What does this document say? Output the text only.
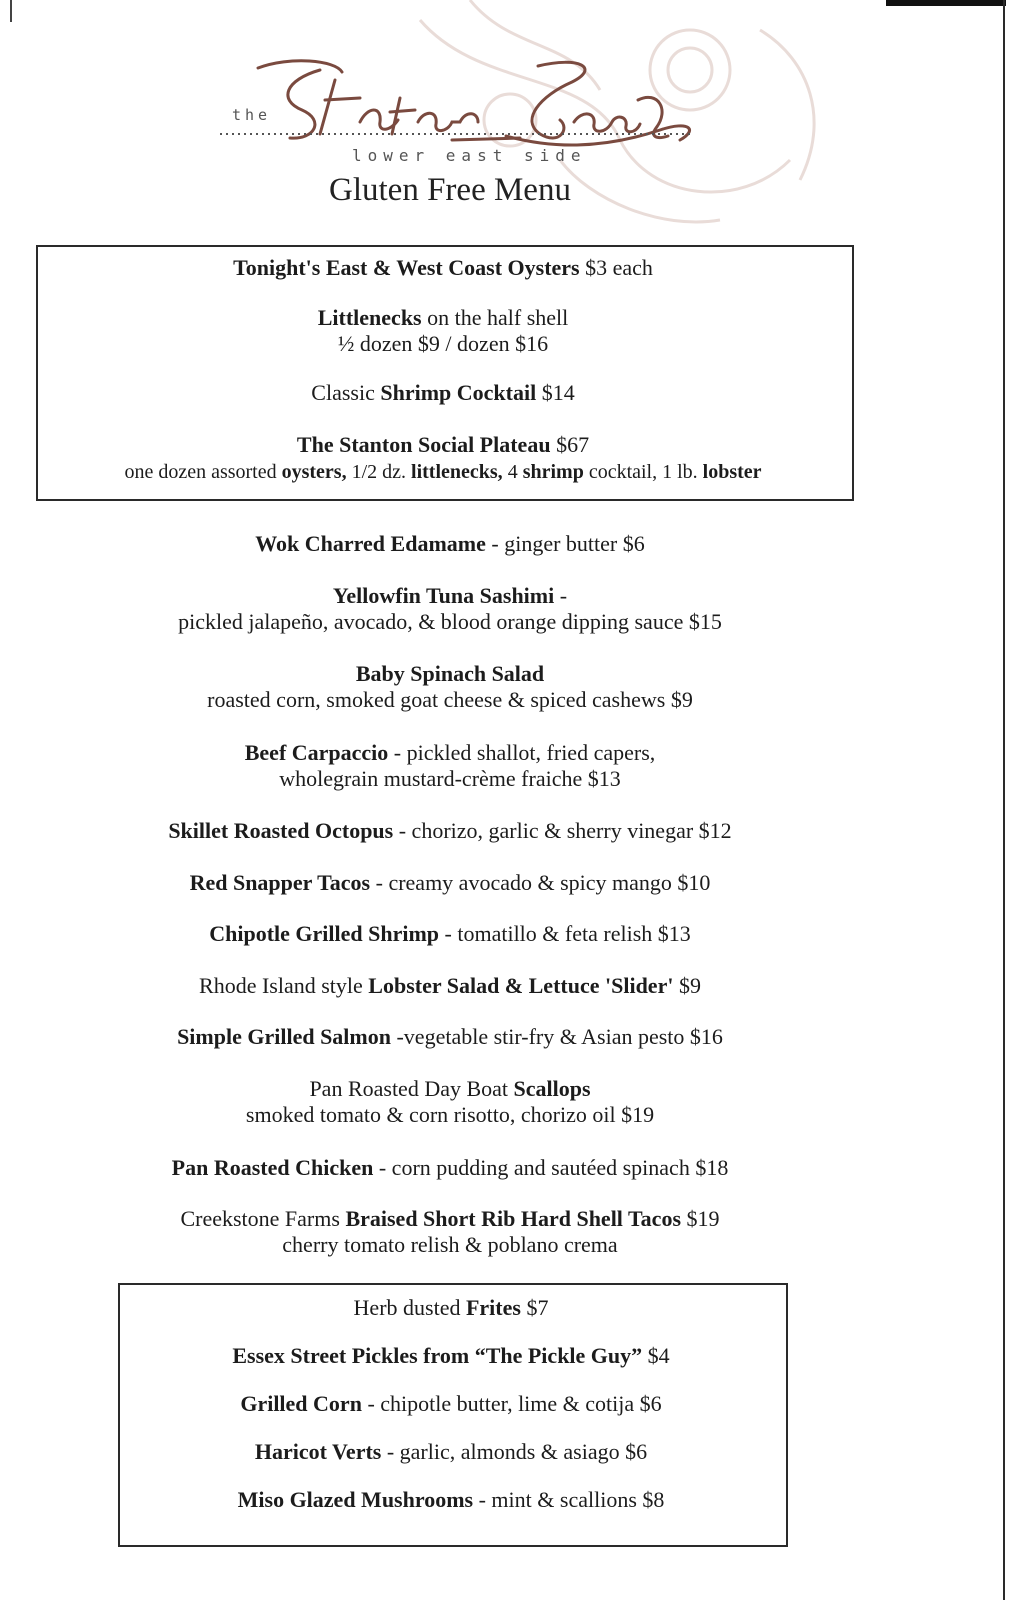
the
lower east side
Gluten Free Menu
Tonight's East & West Coast Oysters $3 each
Littlenecks on the half shell
½ dozen $9 / dozen $16
Classic Shrimp Cocktail $14
The Stanton Social Plateau $67
one dozen assorted oysters, 1/2 dz. littlenecks, 4 shrimp cocktail, 1 lb. lobster
Wok Charred Edamame - ginger butter $6
Yellowfin Tuna Sashimi -
pickled jalapeño, avocado, & blood orange dipping sauce $15
Baby Spinach Salad
roasted corn, smoked goat cheese & spiced cashews $9
Beef Carpaccio - pickled shallot, fried capers,
wholegrain mustard-crème fraiche $13
Skillet Roasted Octopus - chorizo, garlic & sherry vinegar $12
Red Snapper Tacos - creamy avocado & spicy mango $10
Chipotle Grilled Shrimp - tomatillo & feta relish $13
Rhode Island style Lobster Salad & Lettuce 'Slider' $9
Simple Grilled Salmon -vegetable stir-fry & Asian pesto $16
Pan Roasted Day Boat Scallops
smoked tomato & corn risotto, chorizo oil $19
Pan Roasted Chicken - corn pudding and sautéed spinach $18
Creekstone Farms Braised Short Rib Hard Shell Tacos $19
cherry tomato relish & poblano crema
Herb dusted Frites $7
Essex Street Pickles from “The Pickle Guy” $4
Grilled Corn - chipotle butter, lime & cotija $6
Haricot Verts - garlic, almonds & asiago $6
Miso Glazed Mushrooms - mint & scallions $8
